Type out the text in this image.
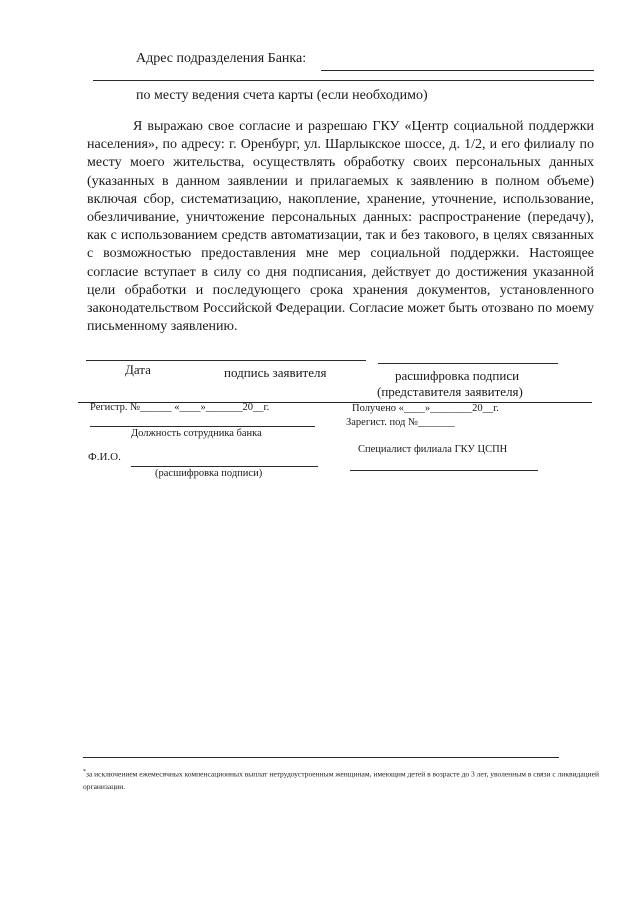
Адрес подразделения Банка:
по месту ведения счета карты (если необходимо)

Я выражаю свое согласие и разрешаю ГКУ «Центр социальной поддержки населения», по адресу: г. Оренбург, ул. Шарлыкское шоссе, д. 1/2, и его филиалу по месту моего жительства, осуществлять обработку своих персональных данных (указанных в данном заявлении и прилагаемых к заявлению в полном объеме) включая сбор, систематизацию, накопление, хранение, уточнение, использование, обезличивание, уничтожение персональных данных: распространение (передачу), как с использованием средств автоматизации, так и без такового, в целях связанных с возможностью предоставления мне мер социальной поддержки. Настоящее согласие вступает в силу со дня подписания, действует до достижения указанной цели обработки и последующего срока хранения документов, установленного законодательством Российской Федерации. Согласие может быть отозвано по моему письменному заявлению.

Дата	подпись заявителя	расшифровка подписи
(представителя заявителя)
Регистр. №______ «____»_______20__г.
Должность сотрудника банка
Ф.И.О.
(расшифровка подписи)
Получено «____»________20__г.
Зарегист. под №_______
Специалист филиала ГКУ ЦСПН

*за исключением ежемесячных компенсационных выплат нетрудоустроенным женщинам, имеющим детей в возрасте до 3 лет, уволенным в связи с ликвидацией организации.
